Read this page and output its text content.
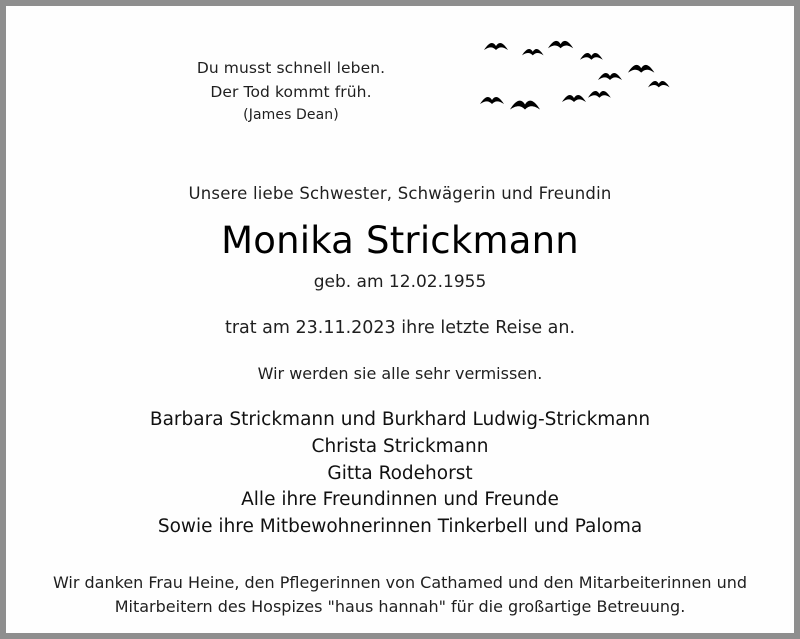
Du musst schnell leben.
Der Tod kommt früh.
(James Dean)

Unsere liebe Schwester, Schwägerin und Freundin

Monika Strickmann

geb. am 12.02.1955

trat am 23.11.2023 ihre letzte Reise an.

Wir werden sie alle sehr vermissen.

Barbara Strickmann und Burkhard Ludwig-Strickmann
Christa Strickmann
Gitta Rodehorst
Alle ihre Freundinnen und Freunde
Sowie ihre Mitbewohnerinnen Tinkerbell und Paloma
Wir danken Frau Heine, den Pflegerinnen von Cathamed und den Mitarbeiterinnen und
Mitarbeitern des Hospizes "haus hannah" für die großartige Betreuung.
